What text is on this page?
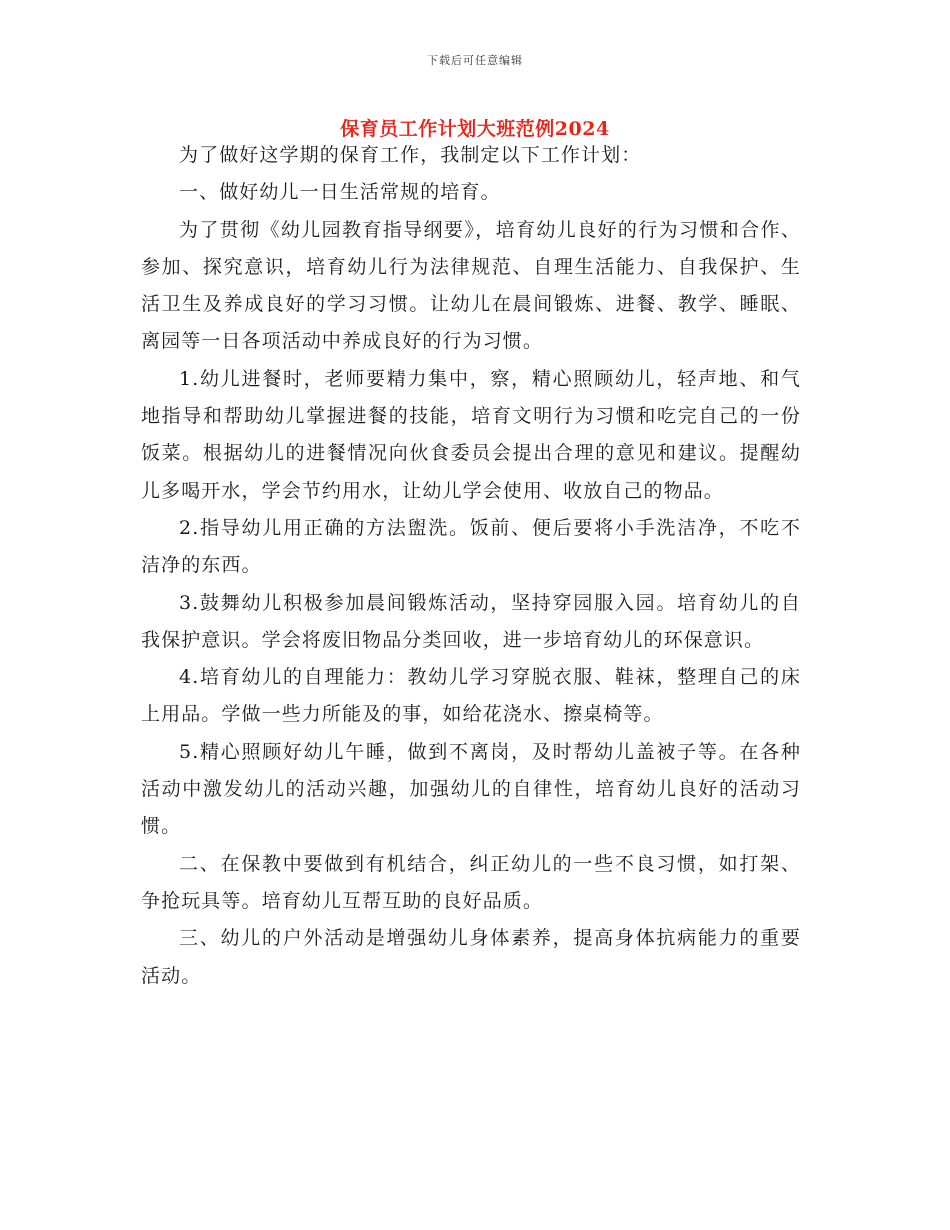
下载后可任意编辑
保育员工作计划大班范例2024

为了做好这学期的保育工作，我制定以下工作计划：

一、做好幼儿一日生活常规的培育。

为了贯彻《幼儿园教育指导纲要》，培育幼儿良好的行为习惯和合作、参加、探究意识，培育幼儿行为法律规范、自理生活能力、自我保护、生活卫生及养成良好的学习习惯。让幼儿在晨间锻炼、进餐、教学、睡眠、离园等一日各项活动中养成良好的行为习惯。

1.幼儿进餐时，老师要精力集中，察，精心照顾幼儿，轻声地、和气地指导和帮助幼儿掌握进餐的技能，培育文明行为习惯和吃完自己的一份饭菜。根据幼儿的进餐情况向伙食委员会提出合理的意见和建议。提醒幼儿多喝开水，学会节约用水，让幼儿学会使用、收放自己的物品。

2.指导幼儿用正确的方法盥洗。饭前、便后要将小手洗洁净，不吃不洁净的东西。

3.鼓舞幼儿积极参加晨间锻炼活动，坚持穿园服入园。培育幼儿的自我保护意识。学会将废旧物品分类回收，进一步培育幼儿的环保意识。

4.培育幼儿的自理能力：教幼儿学习穿脱衣服、鞋袜，整理自己的床上用品。学做一些力所能及的事，如给花浇水、擦桌椅等。

5.精心照顾好幼儿午睡，做到不离岗，及时帮幼儿盖被子等。在各种活动中激发幼儿的活动兴趣，加强幼儿的自律性，培育幼儿良好的活动习惯。

二、在保教中要做到有机结合，纠正幼儿的一些不良习惯，如打架、争抢玩具等。培育幼儿互帮互助的良好品质。

三、幼儿的户外活动是增强幼儿身体素养，提高身体抗病能力的重要活动。
